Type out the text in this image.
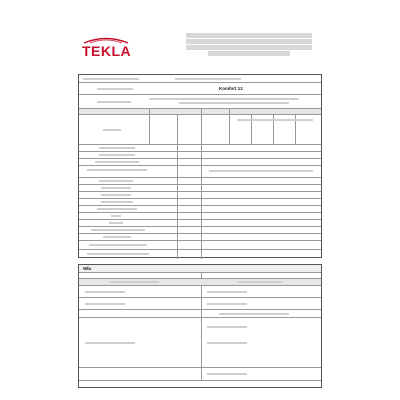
TEKLA
Komfort 12
Wła
